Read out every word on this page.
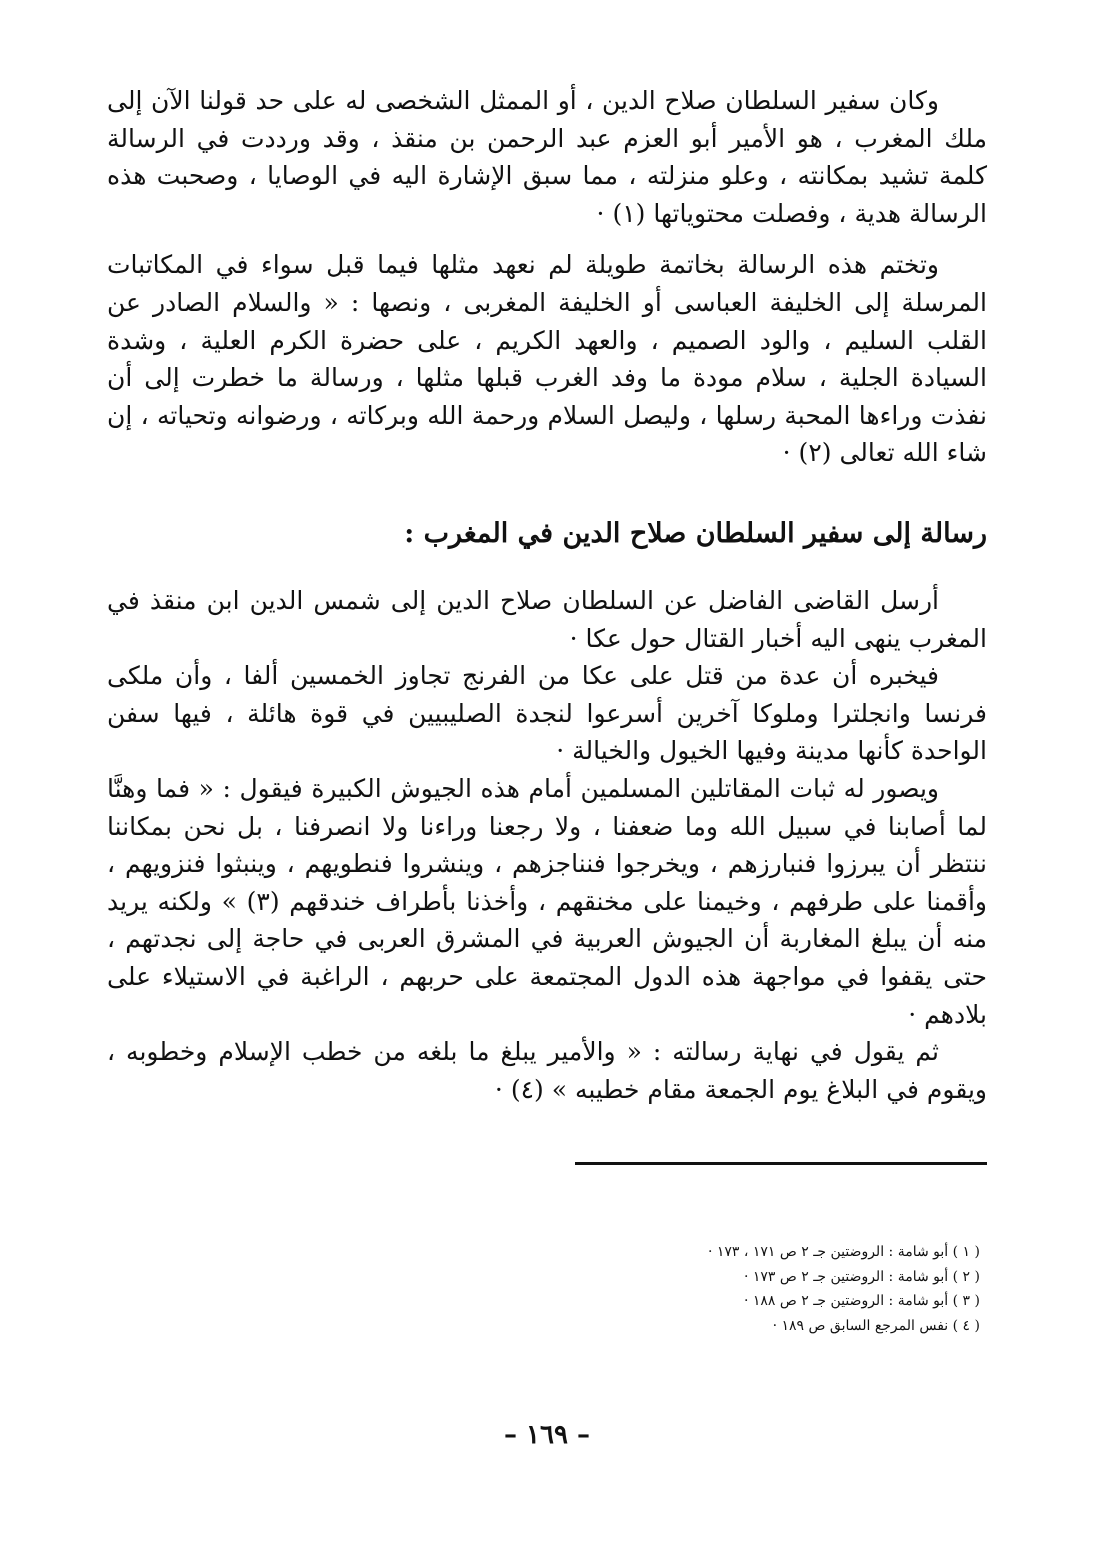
وكان سفير السلطان صلاح الدين ، أو الممثل الشخصى له على حد قولنا الآن إلى ملك المغرب ، هو الأمير أبو العزم عبد الرحمن بن منقذ ، وقد ورددت في الرسالة كلمة تشيد بمكانته ، وعلو منزلته ، مما سبق الإشارة اليه في الوصايا ، وصحبت هذه الرسالة هدية ، وفصلت محتوياتها (١) ·

وتختم هذه الرسالة بخاتمة طويلة لم نعهد مثلها فيما قبل سواء في المكاتبات المرسلة إلى الخليفة العباسى أو الخليفة المغربى ، ونصها : « والسلام الصادر عن القلب السليم ، والود الصميم ، والعهد الكريم ، على حضرة الكرم العلية ، وشدة السيادة الجلية ، سلام مودة ما وفد الغرب قبلها مثلها ، ورسالة ما خطرت إلى أن نفذت وراءها المحبة رسلها ، وليصل السلام ورحمة الله وبركاته ، ورضوانه وتحياته ، إن شاء الله تعالى (٢) ·

رسالة إلى سفير السلطان صلاح الدين في المغرب :

أرسل القاضى الفاضل عن السلطان صلاح الدين إلى شمس الدين ابن منقذ في المغرب ينهى اليه أخبار القتال حول عكا ·

فيخبره أن عدة من قتل على عكا من الفرنج تجاوز الخمسين ألفا ، وأن ملكى فرنسا وانجلترا وملوكا آخرين أسرعوا لنجدة الصليبيين في قوة هائلة ، فيها سفن الواحدة كأنها مدينة وفيها الخيول والخيالة ·

ويصور له ثبات المقاتلين المسلمين أمام هذه الجيوش الكبيرة فيقول : « فما وهنَّا لما أصابنا في سبيل الله وما ضعفنا ، ولا رجعنا وراءنا ولا انصرفنا ، بل نحن بمكاننا ننتظر أن يبرزوا فنبارزهم ، ويخرجوا فنناجزهم ، وينشروا فنطويهم ، وينبثوا فنزويهم ، وأقمنا على طرفهم ، وخيمنا على مخنقهم ، وأخذنا بأطراف خندقهم (٣) » ولكنه يريد منه أن يبلغ المغاربة أن الجيوش العربية في المشرق العربى في حاجة إلى نجدتهم ، حتى يقفوا في مواجهة هذه الدول المجتمعة على حربهم ، الراغبة في الاستيلاء على بلادهم ·

ثم يقول في نهاية رسالته : « والأمير يبلغ ما بلغه من خطب الإسلام وخطوبه ، ويقوم في البلاغ يوم الجمعة مقام خطيبه » (٤) ·

( ١ ) أبو شامة : الروضتين جـ ٢ ص ١٧١ ، ١٧٣ ·

( ٢ ) أبو شامة : الروضتين جـ ٢ ص ١٧٣ ·

( ٣ ) أبو شامة : الروضتين جـ ٢ ص ١٨٨ ·

( ٤ ) نفس المرجع السابق ص ١٨٩ ·

– ١٦٩ –
